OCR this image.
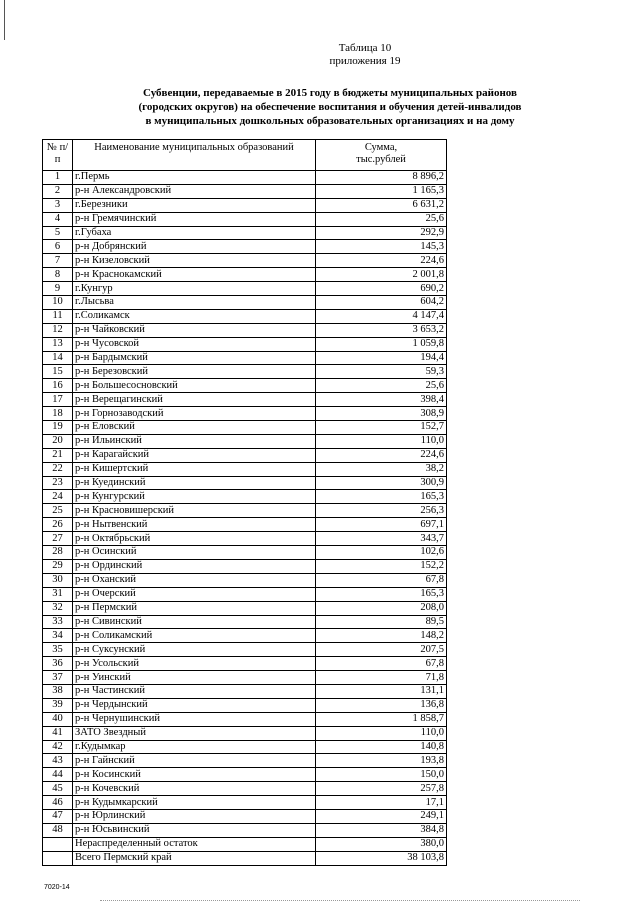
Таблица 10
приложения 19
Субвенции, передаваемые в 2015 году в бюджеты муниципальных районов
(городских округов) на обеспечение воспитания и обучения детей-инвалидов
в муниципальных дошкольных образовательных организациях и на дому
№ п/п	Наименование муниципальных образований	Сумма,
тыс.рублей

1	г.Пермь	8 896,2
2	р-н Александровский	1 165,3
3	г.Березники	6 631,2
4	р-н Гремячинский	25,6
5	г.Губаха	292,9
6	р-н Добрянский	145,3
7	р-н Кизеловский	224,6
8	р-н Краснокамский	2 001,8
9	г.Кунгур	690,2
10	г.Лысьва	604,2
11	г.Соликамск	4 147,4
12	р-н Чайковский	3 653,2
13	р-н Чусовской	1 059,8
14	р-н Бардымский	194,4
15	р-н Березовский	59,3
16	р-н Большесосновский	25,6
17	р-н Верещагинский	398,4
18	р-н Горнозаводский	308,9
19	р-н Еловский	152,7
20	р-н Ильинский	110,0
21	р-н Карагайский	224,6
22	р-н Кишертский	38,2
23	р-н Куединский	300,9
24	р-н Кунгурский	165,3
25	р-н Красновишерский	256,3
26	р-н Нытвенский	697,1
27	р-н Октябрьский	343,7
28	р-н Осинский	102,6
29	р-н Ординский	152,2
30	р-н Оханский	67,8
31	р-н Очерский	165,3
32	р-н Пермский	208,0
33	р-н Сивинский	89,5
34	р-н Соликамский	148,2
35	р-н Суксунский	207,5
36	р-н Усольский	67,8
37	р-н Уинский	71,8
38	р-н Частинский	131,1
39	р-н Чердынский	136,8
40	р-н Чернушинский	1 858,7
41	ЗАТО Звездный	110,0
42	г.Кудымкар	140,8
43	р-н Гайнский	193,8
44	р-н Косинский	150,0
45	р-н Кочевский	257,8
46	р-н Кудымкарский	17,1
47	р-н Юрлинский	249,1
48	р-н Юсьвинский	384,8
	Нераспределенный остаток	380,0
	Всего Пермский край	38 103,8
7020-14
